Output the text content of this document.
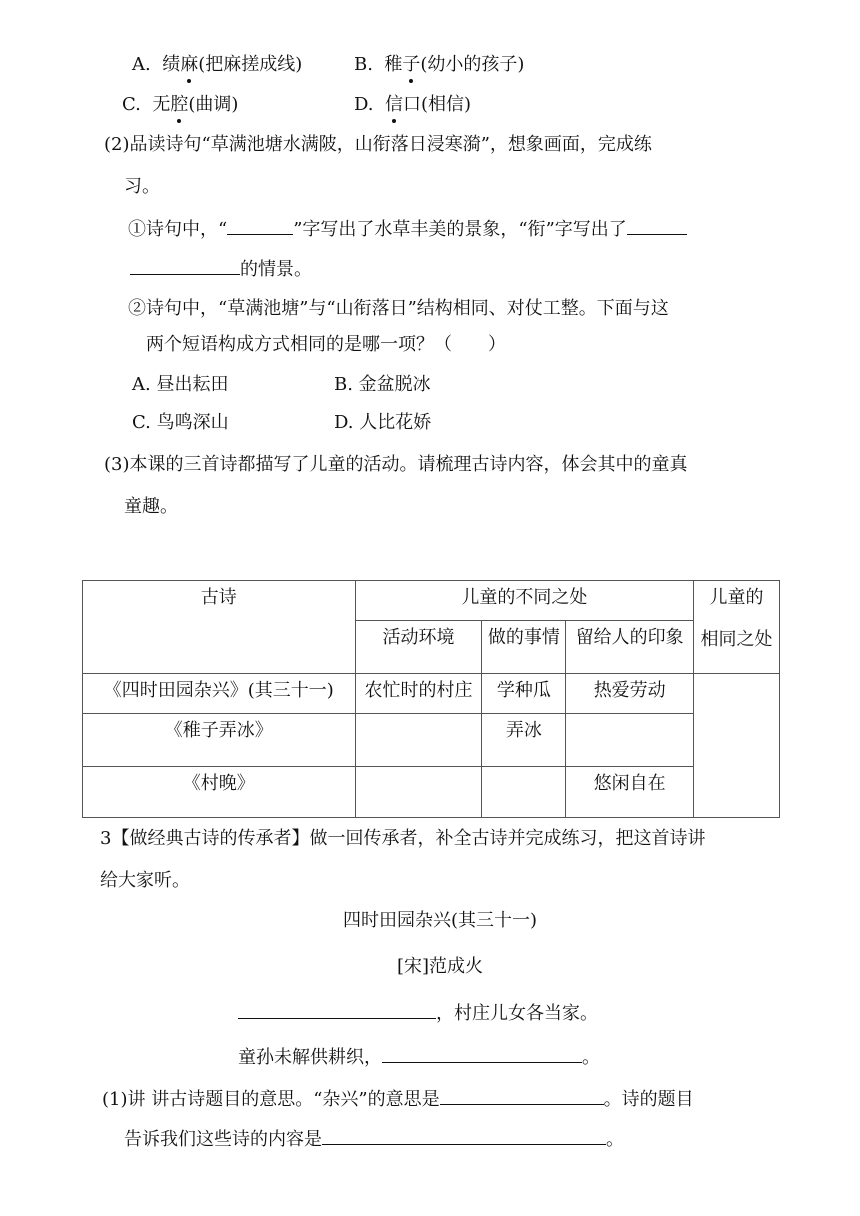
A. 绩麻(把麻搓成线)	B. 稚子(幼小的孩子)
C. 无腔(曲调)	D. 信口(相信)
(2)品读诗句“草满池塘水满陂，山衔落日浸寒漪”，想象画面，完成练
习。
①诗句中，“	”字写出了水草丰美的景象，“衔”字写出了
的情景。
②诗句中，“草满池塘”与“山衔落日”结构相同、对仗工整。下面与这
两个短语构成方式相同的是哪一项？（　　）
A. 昼出耘田	B. 金盆脱冰
C. 鸟鸣深山	D. 人比花娇
(3)本课的三首诗都描写了儿童的活动。请梳理古诗内容，体会其中的童真
童趣。
古诗	儿童的不同之处			儿童的
相同之处

	活动环境	做的事情	留给人的印象	

《四时田园杂兴》(其三十一)	农忙时的村庄	学种瓜	热爱劳动	

《稚子弄冰》		弄冰		

《村晚》			悠闲自在	
3【做经典古诗的传承者】做一回传承者，补全古诗并完成练习，把这首诗讲
给大家听。
四时田园杂兴(其三十一)
[宋]范成火
，村庄儿女各当家。
童孙未解供耕织，	。
(1)讲 讲古诗题目的意思。“杂兴”的意思是	。诗的题目
告诉我们这些诗的内容是	。
